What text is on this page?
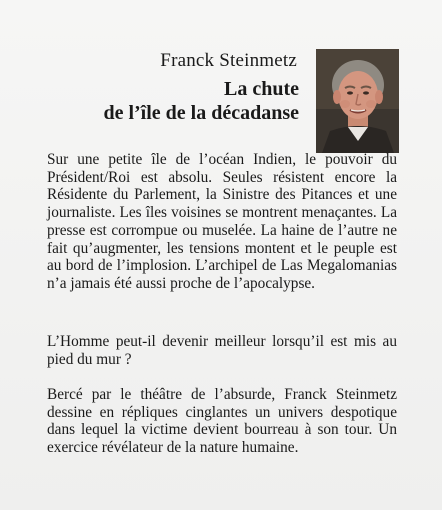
Franck Steinmetz
La chute
de l’île de la décadanse

Sur une petite île de l’océan Indien, le pouvoir du Président/Roi est absolu. Seules résistent encore la Résidente du Parlement, la Sinistre des Pitances et une journaliste. Les îles voisines se montrent menaçantes. La presse est corrompue ou muselée. La haine de l’autre ne fait qu’augmenter, les tensions montent et le peuple est au bord de l’implosion. L’archipel de Las Megalomanias n’a jamais été aussi proche de l’apocalypse.

L’Homme peut-il devenir meilleur lorsqu’il est mis au pied du mur ?

Bercé par le théâtre de l’absurde, Franck Steinmetz dessine en répliques cinglantes un univers despotique dans lequel la victime devient bourreau à son tour. Un exercice révélateur de la nature humaine.
